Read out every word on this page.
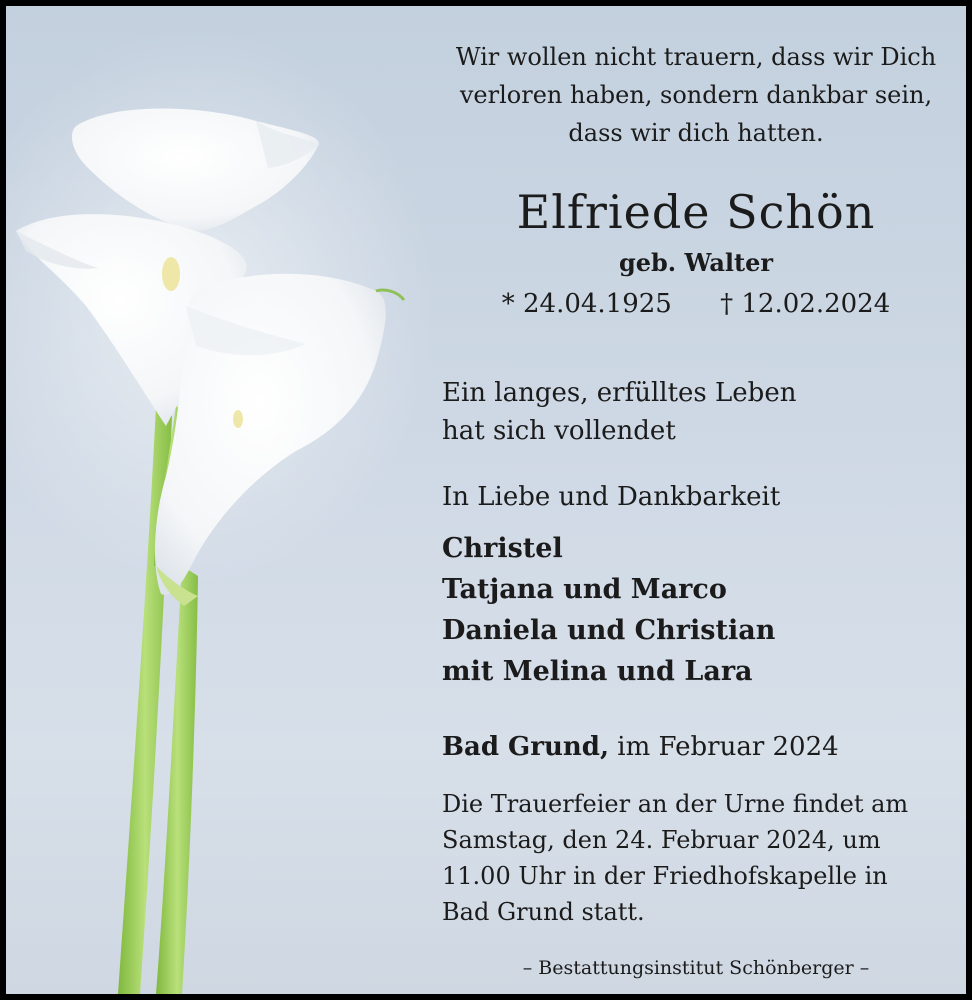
Wir wollen nicht trauern, dass wir Dich
verloren haben, sondern dankbar sein,
dass wir dich hatten.
Elfriede Schön
geb. Walter
* 24.04.1925 † 12.02.2024
Ein langes, erfülltes Leben
hat sich vollendet
In Liebe und Dankbarkeit
Christel
Tatjana und Marco
Daniela und Christian
mit Melina und Lara
Bad Grund, im Februar 2024
Die Trauerfeier an der Urne findet am
Samstag, den 24. Februar 2024, um
11.00 Uhr in der Friedhofskapelle in
Bad Grund statt.
– Bestattungsinstitut Schönberger –
